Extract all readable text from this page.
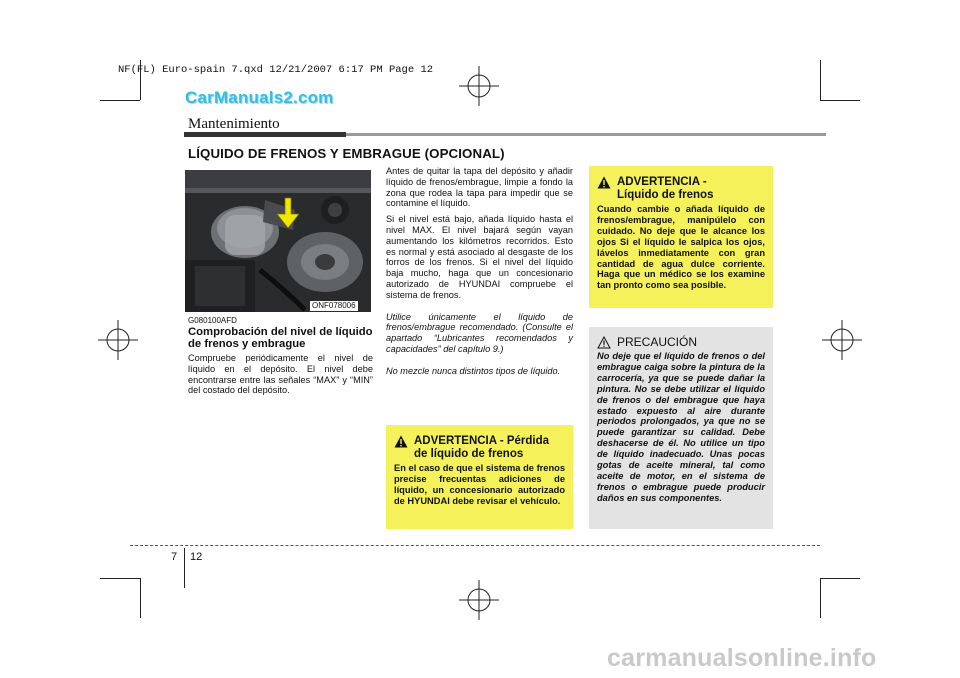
NF(FL) Euro-spain 7.qxd 12/21/2007 6:17 PM Page 12
CarManuals2.com
Mantenimiento
LÍQUIDO DE FRENOS Y EMBRAGUE (OPCIONAL)
ONF078006
G080100AFD
Comprobación del nivel de líquido de frenos y embrague
Compruebe periódicamente el nivel de líquido en el depósito. El nivel debe encontrarse entre las señales “MAX” y “MIN” del costado del depósito.

Antes de quitar la tapa del depósito y añadir líquido de frenos/embrague, limpie a fondo la zona que rodea la tapa para impedir que se contamine el líquido.

Si el nivel está bajo, añada líquido hasta el nivel MAX. El nivel bajará según vayan aumentando los kilómetros recorridos. Esto es normal y está asociado al desgaste de los forros de los frenos. Si el nivel del líquido baja mucho, haga que un concesionario autorizado de HYUNDAI compruebe el sistema de frenos.

Utilice únicamente el líquido de frenos/embrague recomendado. (Consulte el apartado “Lubricantes recomendados y capacidades” del capítulo 9.)

No mezcle nunca distintos tipos de líquido.

ADVERTENCIA -
Líquido de frenos
Cuando cambie o añada líquido de frenos/embrague, manipúlelo con cuidado. No deje que le alcance los ojos Si el líquido le salpica los ojos, lávelos inmediatamente con gran cantidad de agua dulce corriente. Haga que un médico se los examine tan pronto como sea posible.
PRECAUCIÓN
No deje que el líquido de frenos o del embrague caiga sobre la pintura de la carrocería, ya que se puede dañar la pintura. No se debe utilizar el líquido de frenos o del embrague que haya estado expuesto al aire durante periodos prolongados, ya que no se puede garantizar su calidad. Debe deshacerse de él. No utilice un tipo de líquido inadecuado. Unas pocas gotas de aceite mineral, tal como aceite de motor, en el sistema de frenos o embrague puede producir daños en sus componentes.
ADVERTENCIA - Pérdida
de líquido de frenos
En el caso de que el sistema de frenos precise frecuentas adiciones de líquido, un concesionario autorizado de HYUNDAI debe revisar el vehículo.
7 12
carmanualsonline.info
